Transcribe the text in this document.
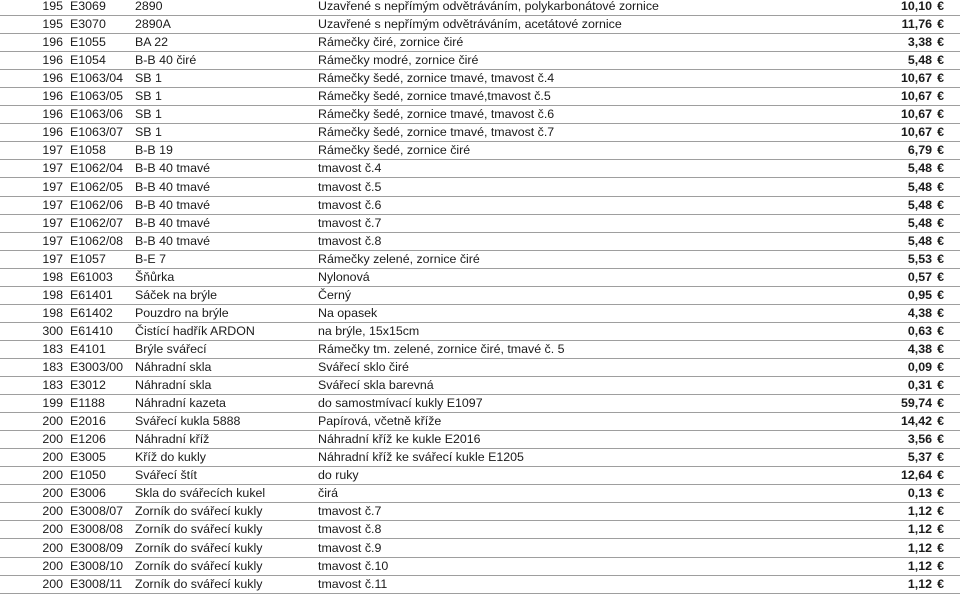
195 E3069 2890	Uzavřené s nepřímým odvětráváním, polykarbonátové zornice	10,10 €
195 E3070 2890A	Uzavřené s nepřímým odvětráváním, acetátové zornice	11,76 €
196 E1055 BA 22	Rámečky čiré, zornice čiré	3,38 €
196 E1054 B-B 40 čiré	Rámečky modré, zornice čiré	5,48 €
196 E1063/04 SB 1	Rámečky šedé, zornice tmavé, tmavost č.4	10,67 €
196 E1063/05 SB 1	Rámečky šedé, zornice tmavé,tmavost č.5	10,67 €
196 E1063/06 SB 1	Rámečky šedé, zornice tmavé, tmavost č.6	10,67 €
196 E1063/07 SB 1	Rámečky šedé, zornice tmavé, tmavost č.7	10,67 €
197 E1058 B-B 19	Rámečky šedé, zornice čiré	6,79 €
197 E1062/04 B-B 40 tmavé	tmavost č.4	5,48 €
197 E1062/05 B-B 40 tmavé	tmavost č.5	5,48 €
197 E1062/06 B-B 40 tmavé	tmavost č.6	5,48 €
197 E1062/07 B-B 40 tmavé	tmavost č.7	5,48 €
197 E1062/08 B-B 40 tmavé	tmavost č.8	5,48 €
197 E1057 B-E 7	Rámečky zelené, zornice čiré	5,53 €
198 E61003 Šňůrka	Nylonová	0,57 €
198 E61401 Sáček na brýle	Černý	0,95 €
198 E61402 Pouzdro na brýle	Na opasek	4,38 €
300 E61410 Čistící hadřík ARDON	na brýle, 15x15cm	0,63 €
183 E4101 Brýle svářecí	Rámečky tm. zelené, zornice čiré, tmavé č. 5	4,38 €
183 E3003/00 Náhradní skla	Svářecí sklo čiré	0,09 €
183 E3012 Náhradní skla	Svářecí skla barevná	0,31 €
199 E1188 Náhradní kazeta	do samostmívací kukly E1097	59,74 €
200 E2016 Svářecí kukla 5888	Papírová, včetně kříže	14,42 €
200 E1206 Náhradní kříž	Náhradní kříž ke kukle E2016	3,56 €
200 E3005 Kříž do kukly	Náhradní kříž ke svářecí kukle E1205	5,37 €
200 E1050 Svářecí štít	do ruky	12,64 €
200 E3006 Skla do svářecích kukel	čirá	0,13 €
200 E3008/07 Zorník do svářecí kukly	tmavost č.7	1,12 €
200 E3008/08 Zorník do svářecí kukly	tmavost č.8	1,12 €
200 E3008/09 Zorník do svářecí kukly	tmavost č.9	1,12 €
200 E3008/10 Zorník do svářecí kukly	tmavost č.10	1,12 €
200 E3008/11 Zorník do svářecí kukly	tmavost č.11	1,12 €
